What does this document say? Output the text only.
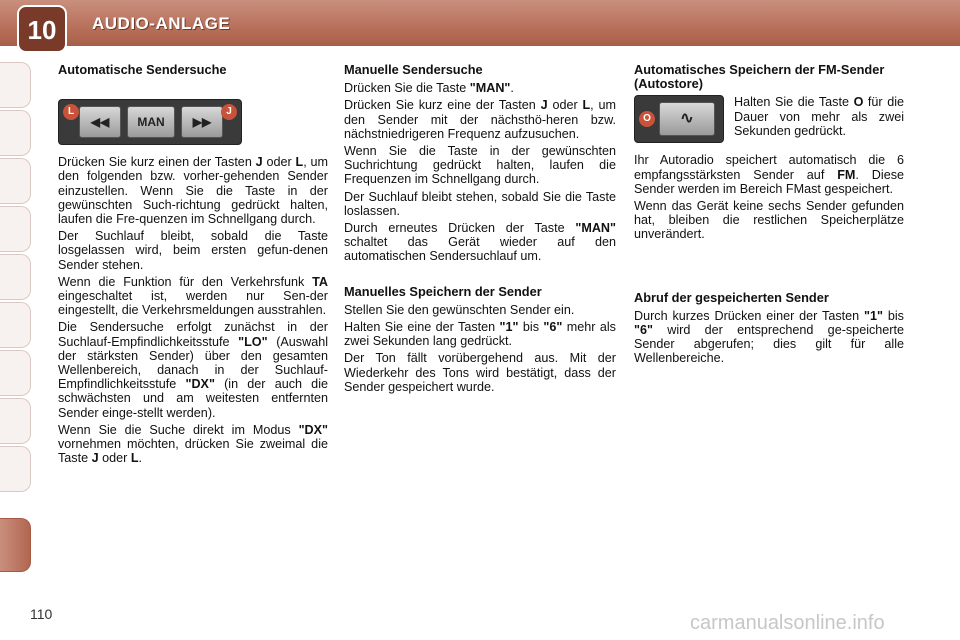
10 AUDIO-ANLAGE
Automatische Sendersuche
◀◀	MAN	▶▶
L	J

Drücken Sie kurz einen der Tasten J oder L, um den folgenden bzw. vorher-gehenden Sender einzustellen. Wenn Sie die Taste in der gewünschten Such-richtung gedrückt halten, laufen die Fre-quenzen im Schnellgang durch.

Der Suchlauf bleibt, sobald die Taste losgelassen wird, beim ersten gefun-denen Sender stehen.

Wenn die Funktion für den Verkehrsfunk TA eingeschaltet ist, werden nur Sen-der eingestellt, die Verkehrsmeldungen ausstrahlen.

Die Sendersuche erfolgt zunächst in der Suchlauf-Empfindlichkeitsstufe "LO" (Auswahl der stärksten Sender) über den gesamten Wellenbereich, danach in der Suchlauf-Empfindlichkeitsstufe "DX" (in der auch die schwächsten und am weitesten entfernten Sender einge-stellt werden).

Wenn Sie die Suche direkt im Modus "DX" vornehmen möchten, drücken Sie zweimal die Taste J oder L.

Manuelle Sendersuche

Drücken Sie die Taste "MAN".

Drücken Sie kurz eine der Tasten J oder L, um den Sender mit der nächsthö-heren bzw. nächstniedrigeren Frequenz aufzusuchen.

Wenn Sie die Taste in der gewünschten Suchrichtung gedrückt halten, laufen die Frequenzen im Schnellgang durch.

Der Suchlauf bleibt stehen, sobald Sie die Taste loslassen.

Durch erneutes Drücken der Taste "MAN" schaltet das Gerät wieder auf den automatischen Sendersuchlauf um.

Manuelles Speichern der Sender

Stellen Sie den gewünschten Sender ein.

Halten Sie eine der Tasten "1" bis "6" mehr als zwei Sekunden lang gedrückt.

Der Ton fällt vorübergehend aus. Mit der Wiederkehr des Tons wird bestätigt, dass der Sender gespeichert wurde.

Automatisches Speichern der FM-Sender (Autostore)
∿
O
Halten Sie die Taste O für die Dauer von mehr als zwei Sekunden gedrückt.

Ihr Autoradio speichert automatisch die 6 empfangsstärksten Sender auf FM. Diese Sender werden im Bereich FMast gespeichert.

Wenn das Gerät keine sechs Sender gefunden hat, bleiben die restlichen Speicherplätze unverändert.

Abruf der gespeicherten Sender

Durch kurzes Drücken einer der Tasten "1" bis "6" wird der entsprechend ge-speicherte Sender abgerufen; dies gilt für alle Wellenbereiche.

110	carmanualsonline.info
